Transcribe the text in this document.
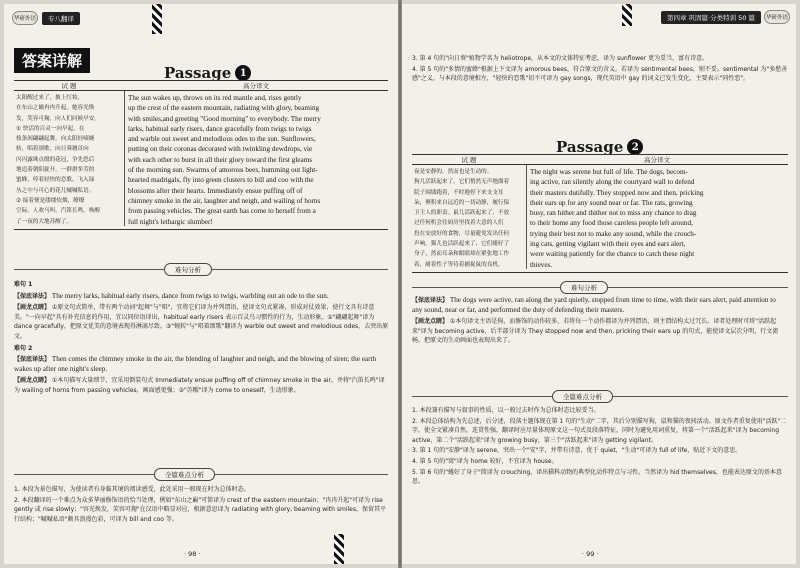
华研外语	专八翻译
答案详解
Passage 1
试 题	高分译文
太阳醒过来了，披上红妆，
在东山之巅冉冉升起。她容光焕
发，笑容可掬，向人们问候早安。
① 快活的百灵一向早起，在
枝条间翩翩起舞，向太阳轻嘀婉
转，唱着颂歌。向日葵翘首向
闪闪露珠点缀的花冠，争先恐后
地追着朝阳旋开，一群群多劳的
蜜蜂，哼着轻快的恋歌，飞入绿
丛之中与可心的花儿嘁嘁私语。
② 接着便是缕缕炊烟，缭缭
空际，人欢马叫，汽笛长鸣，唤醒
了一夜的大地苏醒了。
The sun wakes up, throws on its red mantle and, rises gently
up the crest of the eastern mountain, radiating with glory, beaming
with smiles,and greeting "Good morning" to everybody. The merry
larks, habitual early risers, dance gracefully from twigs to twigs
and warble out sweet and melodious odes to the sun. Sunflowers,
putting on their coronas decorated with twinkling dewdrops, vie
with each other to burst in all their glory toward the first gleams
of the morning sun. Swarms of amorous bees, humming out light-
hearted madrigals, fly into green clusters to bill and coo with the
blossoms after their hearts. Immediately ensue puffing off of
chimney smoke in the air, laughter and neigh, and wailing of horns
from passing vehicles. The great earth has come to herself from a
full night's lethargic slumber!
难句分析
难句 1
【保底译法】 The merry larks, habitual early risers, dance from twigs to twigs, warbling out an ode to the sun.
【画龙点睛】 ①原文句式简单，带有两个动词"起舞"与"唱"，宜将它们译为并列谓语，使译文句式紧凑，形成对仗效果，使行文具有诗意美。"一向早起"具有补充信息的作用，宜以同位语译出，habitual early risers 表示百灵鸟习惯性的行为，生动形象。②"翩翩起舞"译为 dance gracefully，把原文优美的意境表现得淋漓尽致。③"婉转"与"唱着颂歌"翻译为 warble out sweet and melodious odes，去突出原文。
难句 2
【保底译法】 Then comes the chimney smoke in the air, the blending of laughter and neigh, and the blowing of siren; the earth wakes up after one night's sleep.
【画龙点睛】 ①本句描写大量细节，宜采用倒装句式 Immediately ensue puffing off of chimney smoke in the air，并将"汽笛长鸣"译为 wailing of horns from passing vehicles，画面感更强；②"苏醒"译为 come to oneself，生动形象。
全篇难点分析
1. 本段为景色描写，为使读者有身临其境的阅读感受，此处采用一般现在时为总体时态。
2. 本段翻译的一个难点为众多华丽修饰语的恰当处理，例如"东山之巅"可简译为 crest of the eastern mountain；"冉冉升起"可译为 rise gently 或 rise slowly；"容光焕发，笑容可掬"在汉语中略显对应，根据意思译为 radiating with glory, beaming with smiles，保留其平行结构；"嘁嘁私语"颇具浪漫色彩，可译为 bill and coo 等。
· 98 ·
第四章 巩固篇·分类特训 50 篇	华研外语
3. 第 4 句的"向日葵"植物学名为 heliotrope，从本文的文体特征考虑，译为 sunflower 更为妥当，富有诗意。
4. 第 5 句的"多情的蜜蜂"根据上下文译为 amorous bees，符合原文的含义。若译为 sentimental bees，则不妥。sentimental 为"多愁善感"之义，与本段的意境相左，"轻快的恋歌"切不可译为 gay songs，现代英语中 gay 的词义已发生变化，主要表示"同性恋"。
Passage 2
试 题	高分译文
夜是安静的，然而也是生动的。
狗儿活跃起来了，它们悄然无声地溜着
院子围墙跑着，不时地停下来支支耳
朵，聚积来自远近的一切动静，履行保
卫主人的职责。鼠儿活跃起来了，不放
过任何机会往厨房里找着大意的人们
投在安放好的食物，尽量避免发出任何
声响。猫儿也活跃起来了，它们蜷好了
身子，然而耳朵和眼睛却在紧张地工作
着，耐着性子等待着捕捉鼠的良机。
The night was serene but full of life. The dogs, becom-
ing active, ran silently along the courtyard wall to defend
their masters dutifully. They stopped now and then, pricking
their ears up for any sound near or far. The rats, growing
busy, ran hither and thither not to miss any chance to drag
to their home any food those careless people left around,
trying their best not to make any sound, while the crouch-
ing cats, getting vigilant with their eyes and ears alert,
were waiting patiently for the chance to catch these night
thieves.
难句分析
【保底译法】 The dogs were active, ran along the yard quietly, stopped from time to time, with their ears alert, paid attention to any sound, near or far, and performed the duty of defending their masters.
【画龙点睛】 ①本句译文主语是狗，而修饰的动作较多，若将每一个动作都译为并列谓语，则主谓结构太过冗长。译者处理时可将"活跃起来"译为 becoming active，后半部分译为 They stopped now and then, pricking their ears up 的句式，能使译文层次分明，行文流畅，把原文的生动画面也表现出来了。
全篇难点分析
1. 本段兼有描写与叙事的性质，以一般过去时作为总体时态比较妥当。
2. 本段总体结构为先总述，后分述，段落主题体现在第 1 句的"生动"二字，其后分别描写狗，鼠和猫的夜间活动。原文作者重复使用"活跃"二字，使全文紧凑自然，连贯性强，翻译时应尽量体现原文这一句式及段落特征，同时为避免用词重复，将第一个"活跃起来"译为 becoming active，第二个"活跃起来"译为 growing busy，第三个"活跃起来"译为 getting vigilant。
3. 第 1 句的"安静"译为 serene，突出一个"安"字，并带有诗意，优于 quiet，"生动"可译为 full of life，贴近下文的意思。
4. 第 5 句的"窝"译为 home 较好，不宜译为 house。
5. 第 6 句的"蜷好了身子"简译为 crouching，译出猫科动物的典型化动作特点与习性。当然译为 hid themselves，也能表达原文的基本意思。
· 99 ·
